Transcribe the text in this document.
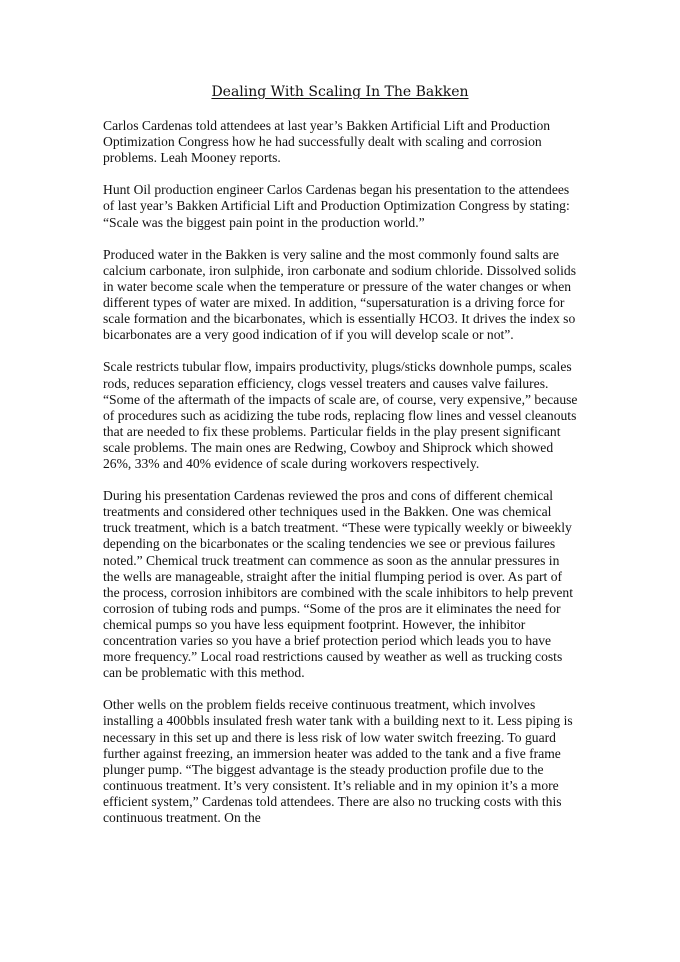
Dealing With Scaling In The Bakken

Carlos Cardenas told attendees at last year’s Bakken Artificial Lift and Production Optimization Congress how he had successfully dealt with scaling and corrosion problems. Leah Mooney reports.

Hunt Oil production engineer Carlos Cardenas began his presentation to the attendees of last year’s Bakken Artificial Lift and Production Optimization Congress by stating: “Scale was the biggest pain point in the production world.”

Produced water in the Bakken is very saline and the most commonly found salts are calcium carbonate, iron sulphide, iron carbonate and sodium chloride. Dissolved solids in water become scale when the temperature or pressure of the water changes or when different types of water are mixed. In addition, “supersaturation is a driving force for scale formation and the bicarbonates, which is essentially HCO3. It drives the index so bicarbonates are a very good indication of if you will develop scale or not”.

Scale restricts tubular flow, impairs productivity, plugs/sticks downhole pumps, scales rods, reduces separation efficiency, clogs vessel treaters and causes valve failures. “Some of the aftermath of the impacts of scale are, of course, very expensive,” because of procedures such as acidizing the tube rods, replacing flow lines and vessel cleanouts that are needed to fix these problems. Particular fields in the play present significant scale problems. The main ones are Redwing, Cowboy and Shiprock which showed 26%, 33% and 40% evidence of scale during workovers respectively.

During his presentation Cardenas reviewed the pros and cons of different chemical treatments and considered other techniques used in the Bakken. One was chemical truck treatment, which is a batch treatment. “These were typically weekly or biweekly depending on the bicarbonates or the scaling tendencies we see or previous failures noted.” Chemical truck treatment can commence as soon as the annular pressures in the wells are manageable, straight after the initial flumping period is over. As part of the process, corrosion inhibitors are combined with the scale inhibitors to help prevent corrosion of tubing rods and pumps. “Some of the pros are it eliminates the need for chemical pumps so you have less equipment footprint. However, the inhibitor concentration varies so you have a brief protection period which leads you to have more frequency.” Local road restrictions caused by weather as well as trucking costs can be problematic with this method.

Other wells on the problem fields receive continuous treatment, which involves installing a 400bbls insulated fresh water tank with a building next to it. Less piping is necessary in this set up and there is less risk of low water switch freezing. To guard further against freezing, an immersion heater was added to the tank and a five frame plunger pump. “The biggest advantage is the steady production profile due to the continuous treatment. It’s very consistent. It’s reliable and in my opinion it’s a more efficient system,” Cardenas told attendees. There are also no trucking costs with this continuous treatment. On the
